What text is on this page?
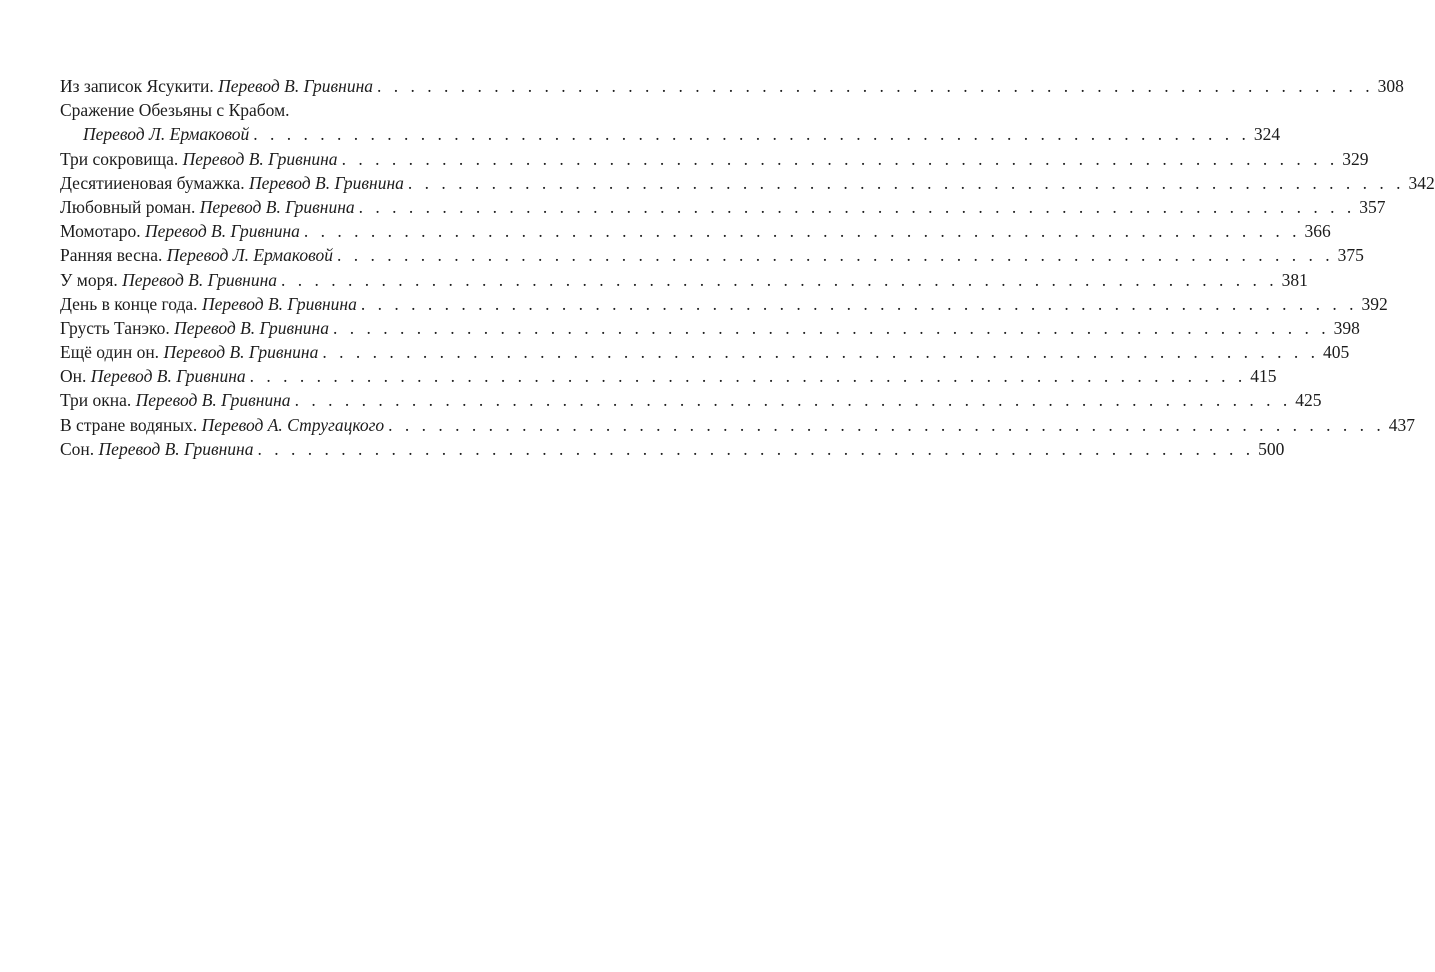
Из записок Ясукити. Перевод В. Гривнина . . . . . . . . . . . . . . . . . . . . . . . . . . . . . . . . . . . . . . . . . . . . . . . . . . . . . . . . . . . . 308
Сражение Обезьяны с Крабом.
Перевод Л. Ермаковой . . . . . . . . . . . . . . . . . . . . . . . . . . . . . . . . . . . . . . . . . . . . . . . . . . . . . . . . . . . . 324
Три сокровища. Перевод В. Гривнина . . . . . . . . . . . . . . . . . . . . . . . . . . . . . . . . . . . . . . . . . . . . . . . . . . . . . . . . . . . . 329
Десятииеновая бумажка. Перевод В. Гривнина . . . . . . . . . . . . . . . . . . . . . . . . . . . . . . . . . . . . . . . . . . . . . . . . . . . . . . . . . . . . 342
Любовный роман. Перевод В. Гривнина . . . . . . . . . . . . . . . . . . . . . . . . . . . . . . . . . . . . . . . . . . . . . . . . . . . . . . . . . . . . 357
Момотаро. Перевод В. Гривнина . . . . . . . . . . . . . . . . . . . . . . . . . . . . . . . . . . . . . . . . . . . . . . . . . . . . . . . . . . . . 366
Ранняя весна. Перевод Л. Ермаковой . . . . . . . . . . . . . . . . . . . . . . . . . . . . . . . . . . . . . . . . . . . . . . . . . . . . . . . . . . . . 375
У моря. Перевод В. Гривнина . . . . . . . . . . . . . . . . . . . . . . . . . . . . . . . . . . . . . . . . . . . . . . . . . . . . . . . . . . . . 381
День в конце года. Перевод В. Гривнина . . . . . . . . . . . . . . . . . . . . . . . . . . . . . . . . . . . . . . . . . . . . . . . . . . . . . . . . . . . . 392
Грусть Танэко. Перевод В. Гривнина . . . . . . . . . . . . . . . . . . . . . . . . . . . . . . . . . . . . . . . . . . . . . . . . . . . . . . . . . . . . 398
Ещё один он. Перевод В. Гривнина . . . . . . . . . . . . . . . . . . . . . . . . . . . . . . . . . . . . . . . . . . . . . . . . . . . . . . . . . . . . 405
Он. Перевод В. Гривнина . . . . . . . . . . . . . . . . . . . . . . . . . . . . . . . . . . . . . . . . . . . . . . . . . . . . . . . . . . . . 415
Три окна. Перевод В. Гривнина . . . . . . . . . . . . . . . . . . . . . . . . . . . . . . . . . . . . . . . . . . . . . . . . . . . . . . . . . . . . 425
В стране водяных. Перевод А. Стругацкого . . . . . . . . . . . . . . . . . . . . . . . . . . . . . . . . . . . . . . . . . . . . . . . . . . . . . . . . . . . . 437
Сон. Перевод В. Гривнина . . . . . . . . . . . . . . . . . . . . . . . . . . . . . . . . . . . . . . . . . . . . . . . . . . . . . . . . . . . . 500
